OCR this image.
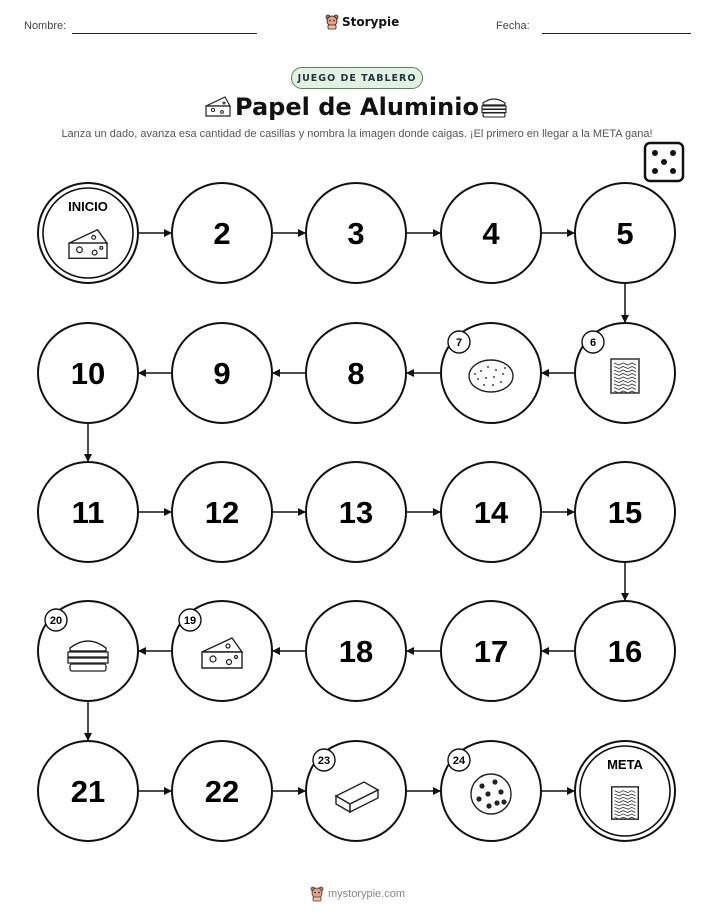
Nombre:	Storypie	Fecha:
JUEGO DE TABLERO
Papel de Aluminio
Lanza un dado, avanza esa cantidad de casillas y nombra la imagen donde caigas. ¡El primero en llegar a la META gana!
INICIO
2	3	4	5
6
7
8
9
10
11	12	13	14	15
16
17
18
19
20
21	22
23	24	META
mystorypie.com
